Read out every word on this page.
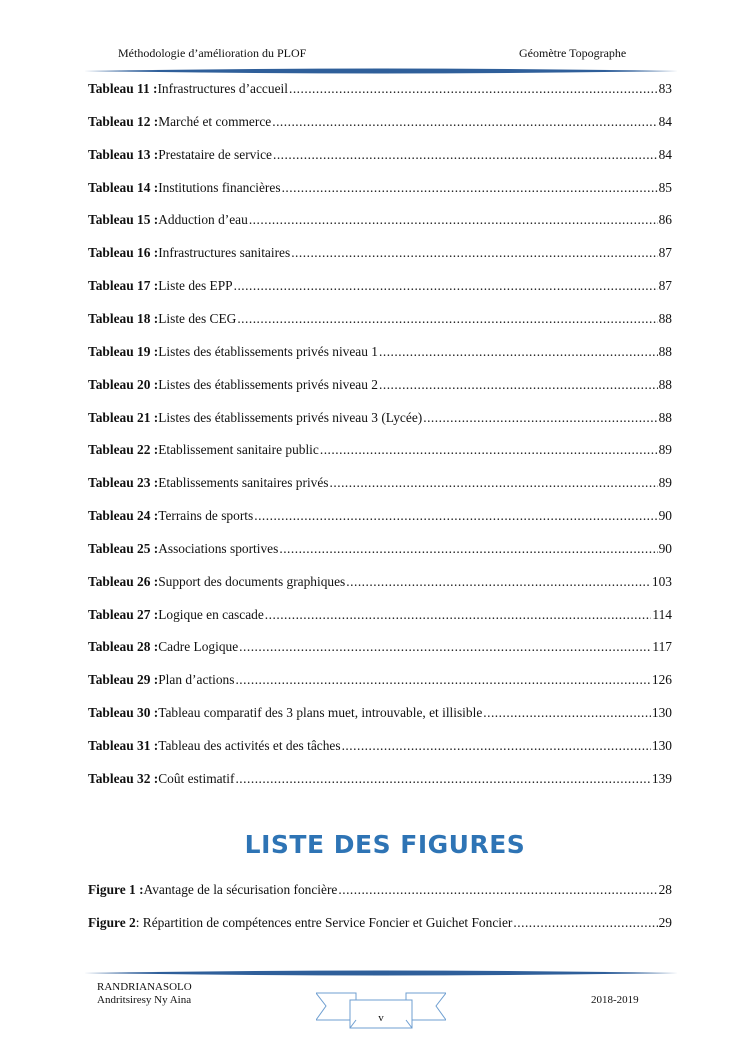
Méthodologie d’amélioration du PLOF	Géomètre Topographe
Tableau 11 : Infrastructures d’accueil .....	83
Tableau 12 : Marché et commerce .....	84
Tableau 13 : Prestataire de service .....	84
Tableau 14 : Institutions financières .....	85
Tableau 15 : Adduction d’eau .....	86
Tableau 16 : Infrastructures sanitaires .....	87
Tableau 17 : Liste des EPP .....	87
Tableau 18 : Liste des CEG .....	88
Tableau 19 : Listes des établissements privés niveau 1 .....	88
Tableau 20 : Listes des établissements privés niveau 2 .....	88
Tableau 21 : Listes des établissements privés niveau 3 (Lycée) .....	88
Tableau 22 : Etablissement sanitaire public .....	89
Tableau 23 : Etablissements sanitaires privés .....	89
Tableau 24 : Terrains de sports .....	90
Tableau 25 : Associations sportives .....	90
Tableau 26 : Support des documents graphiques .....	103
Tableau 27 : Logique en cascade .....	114
Tableau 28 : Cadre Logique .....	117
Tableau 29 : Plan d’actions .....	126
Tableau 30 : Tableau comparatif des 3 plans muet, introuvable, et illisible .....	130
Tableau 31 : Tableau des activités et des tâches .....	130
Tableau 32 : Coût estimatif .....	139
LISTE DES FIGURES
Figure 1 : Avantage de la sécurisation foncière .....	28
Figure 2 : Répartition de compétences entre Service Foncier et Guichet Foncier .....	29
RANDRIANASOLO
Andritsiresy Ny Aina	2018-2019
v
